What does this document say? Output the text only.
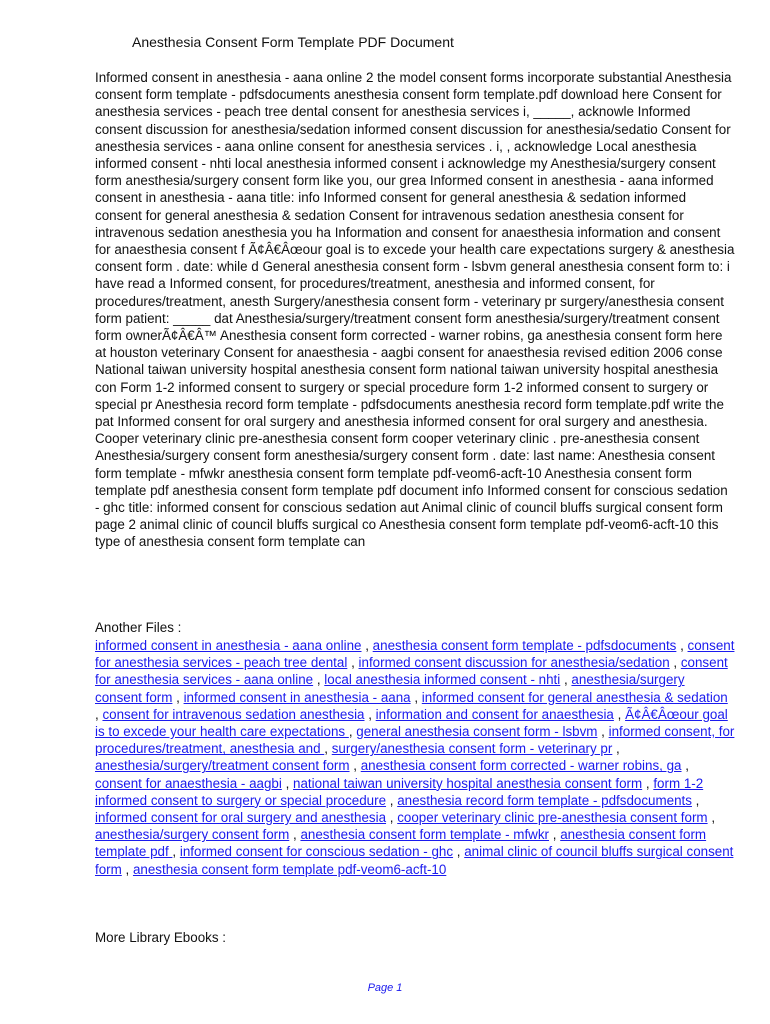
Anesthesia Consent Form Template PDF Document
Informed consent in anesthesia - aana online 2 the model consent forms incorporate substantial Anesthesia consent form template - pdfsdocuments anesthesia consent form template.pdf download here Consent for anesthesia services - peach tree dental consent for anesthesia services i, _____, acknowle Informed consent discussion for anesthesia/sedation informed consent discussion for anesthesia/sedatio Consent for anesthesia services - aana online consent for anesthesia services . i, , acknowledge Local anesthesia informed consent - nhti local anesthesia informed consent i acknowledge my Anesthesia/surgery consent form anesthesia/surgery consent form like you, our grea Informed consent in anesthesia - aana informed consent in anesthesia - aana title: info Informed consent for general anesthesia & sedation informed consent for general anesthesia & sedation Consent for intravenous sedation anesthesia consent for intravenous sedation anesthesia you ha Information and consent for anaesthesia information and consent for anaesthesia consent f Ã¢Â€Âœour goal is to excede your health care expectations surgery & anesthesia consent form . date: while d General anesthesia consent form - lsbvm general anesthesia consent form to: i have read a Informed consent, for procedures/treatment, anesthesia and informed consent, for procedures/treatment, anesth Surgery/anesthesia consent form - veterinary pr surgery/anesthesia consent form patient: _____ dat Anesthesia/surgery/treatment consent form anesthesia/surgery/treatment consent form ownerÃ¢Â€Â™ Anesthesia consent form corrected - warner robins, ga anesthesia consent form here at houston veterinary Consent for anaesthesia - aagbi consent for anaesthesia revised edition 2006 conse National taiwan university hospital anesthesia consent form national taiwan university hospital anesthesia con Form 1-2 informed consent to surgery or special procedure form 1-2 informed consent to surgery or special pr Anesthesia record form template - pdfsdocuments anesthesia record form template.pdf write the pat Informed consent for oral surgery and anesthesia informed consent for oral surgery and anesthesia. Cooper veterinary clinic pre-anesthesia consent form cooper veterinary clinic . pre-anesthesia consent Anesthesia/surgery consent form anesthesia/surgery consent form . date: last name: Anesthesia consent form template - mfwkr anesthesia consent form template pdf-veom6-acft-10 Anesthesia consent form template pdf anesthesia consent form template pdf document info Informed consent for conscious sedation - ghc title: informed consent for conscious sedation aut Animal clinic of council bluffs surgical consent form page 2 animal clinic of council bluffs surgical co Anesthesia consent form template pdf-veom6-acft-10 this type of anesthesia consent form template can
Another Files :
informed consent in anesthesia - aana online , anesthesia consent form template - pdfsdocuments , consent for anesthesia services - peach tree dental , informed consent discussion for anesthesia/sedation , consent for anesthesia services - aana online , local anesthesia informed consent - nhti , anesthesia/surgery consent form , informed consent in anesthesia - aana , informed consent for general anesthesia & sedation , consent for intravenous sedation anesthesia , information and consent for anaesthesia , Ã¢Â€Âœour goal is to excede your health care expectations , general anesthesia consent form - lsbvm , informed consent, for procedures/treatment, anesthesia and , surgery/anesthesia consent form - veterinary pr , anesthesia/surgery/treatment consent form , anesthesia consent form corrected - warner robins, ga , consent for anaesthesia - aagbi , national taiwan university hospital anesthesia consent form , form 1-2 informed consent to surgery or special procedure , anesthesia record form template - pdfsdocuments , informed consent for oral surgery and anesthesia , cooper veterinary clinic pre-anesthesia consent form , anesthesia/surgery consent form , anesthesia consent form template - mfwkr , anesthesia consent form template pdf , informed consent for conscious sedation - ghc , animal clinic of council bluffs surgical consent form , anesthesia consent form template pdf-veom6-acft-10
More Library Ebooks :
Page 1
